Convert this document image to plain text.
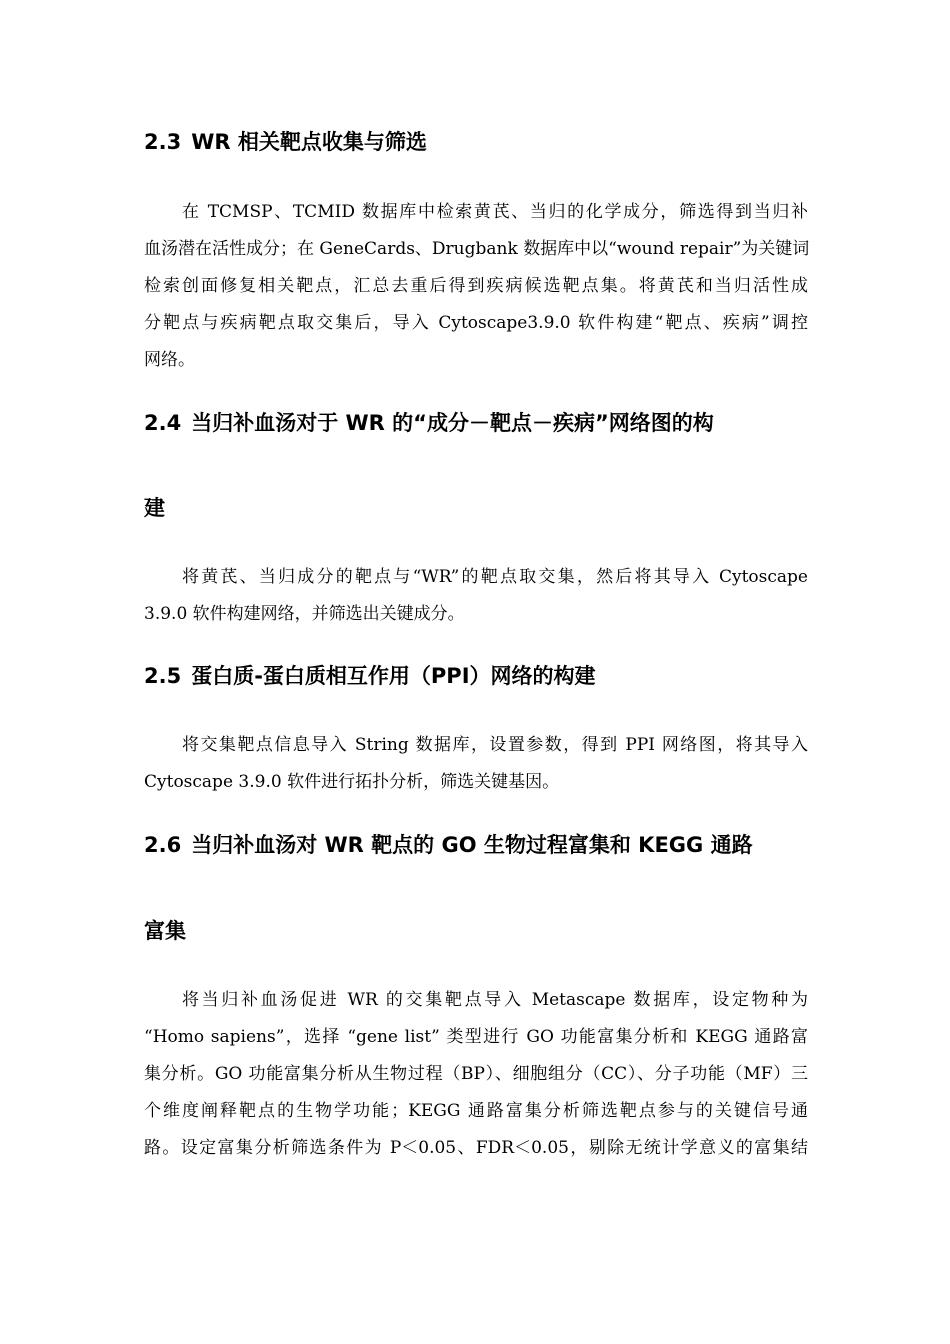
2.3 WR 相关靶点收集与筛选
在 TCMSP、TCMID 数据库中检索黄芪、当归的化学成分，筛选得到当归补
血汤潜在活性成分；在 GeneCards、Drugbank 数据库中以“wound repair”为关键词
检索创面修复相关靶点，汇总去重后得到疾病候选靶点集。将黄芪和当归活性成
分靶点与疾病靶点取交集后，导入 Cytoscape3.9.0 软件构建“靶点、疾病”调控
网络。
2.4 当归补血汤对于 WR 的“成分－靶点－疾病”网络图的构
建
将黄芪、当归成分的靶点与“WR”的靶点取交集，然后将其导入 Cytoscape
3.9.0 软件构建网络，并筛选出关键成分。
2.5 蛋白质-蛋白质相互作用（PPI）网络的构建
将交集靶点信息导入 String 数据库，设置参数，得到 PPI 网络图，将其导入
Cytoscape 3.9.0 软件进行拓扑分析，筛选关键基因。
2.6 当归补血汤对 WR 靶点的 GO 生物过程富集和 KEGG 通路
富集
将当归补血汤促进 WR 的交集靶点导入 Metascape 数据库，设定物种为
“Homo sapiens”，选择 “gene list” 类型进行 GO 功能富集分析和 KEGG 通路富
集分析。GO 功能富集分析从生物过程（BP）、细胞组分（CC）、分子功能（MF）三
个维度阐释靶点的生物学功能；KEGG 通路富集分析筛选靶点参与的关键信号通
路。设定富集分析筛选条件为 P＜0.05、FDR＜0.05，剔除无统计学意义的富集结
